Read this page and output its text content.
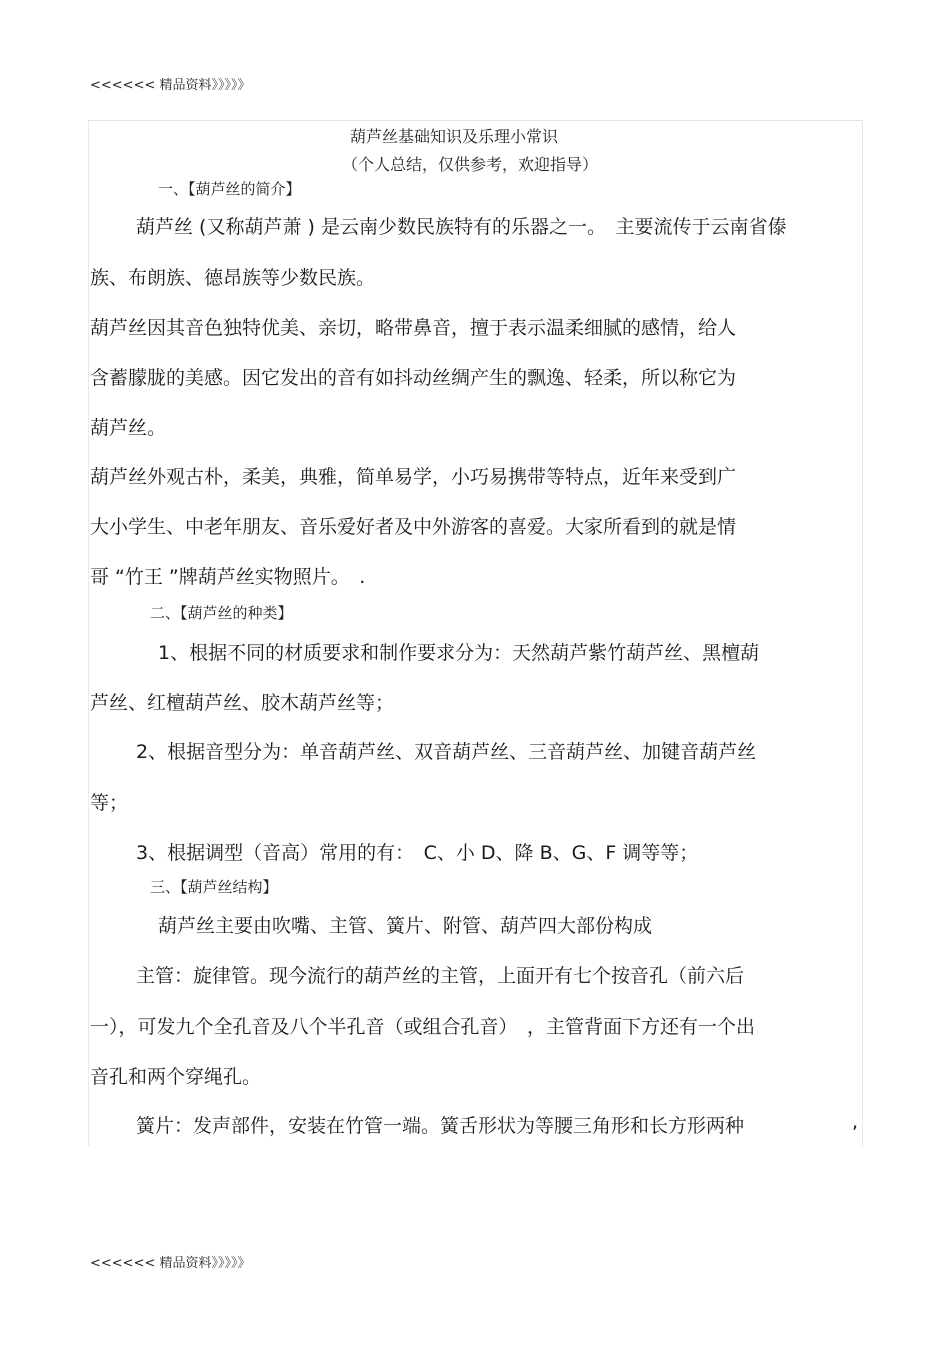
<<<<<< 精品资料》》》》》
葫芦丝基础知识及乐理小常识
（个人总结，仅供参考，欢迎指导）
一、【葫芦丝的简介】
葫芦丝 (又称葫芦萧 ) 是云南少数民族特有的乐器之一。　主要流传于云南省傣
族、布朗族、德昂族等少数民族。
葫芦丝因其音色独特优美、亲切，略带鼻音，擅于表示温柔细腻的感情，给人
含蓄朦胧的美感。因它发出的音有如抖动丝绸产生的飘逸、轻柔，所以称它为
葫芦丝。
葫芦丝外观古朴，柔美，典雅，简单易学，小巧易携带等特点，近年来受到广
大小学生、中老年朋友、音乐爱好者及中外游客的喜爱。大家所看到的就是情
哥 “竹王 ”牌葫芦丝实物照片。　.
二、【葫芦丝的种类】
1、根据不同的材质要求和制作要求分为：天然葫芦紫竹葫芦丝、黑檀葫
芦丝、红檀葫芦丝、胶木葫芦丝等；
2、根据音型分为：单音葫芦丝、双音葫芦丝、三音葫芦丝、加键音葫芦丝
等；
3、根据调型（音高）常用的有：　C、小 D、降 B、G、F 调等等；
三、【葫芦丝结构】
葫芦丝主要由吹嘴、主管、簧片、附管、葫芦四大部份构成
主管：旋律管。现今流行的葫芦丝的主管，上面开有七个按音孔（前六后
一），可发九个全孔音及八个半孔音（或组合孔音）　，主管背面下方还有一个出
音孔和两个穿绳孔。
簧片：发声部件，安装在竹管一端。簧舌形状为等腰三角形和长方形两种	,
<<<<<< 精品资料》》》》》
